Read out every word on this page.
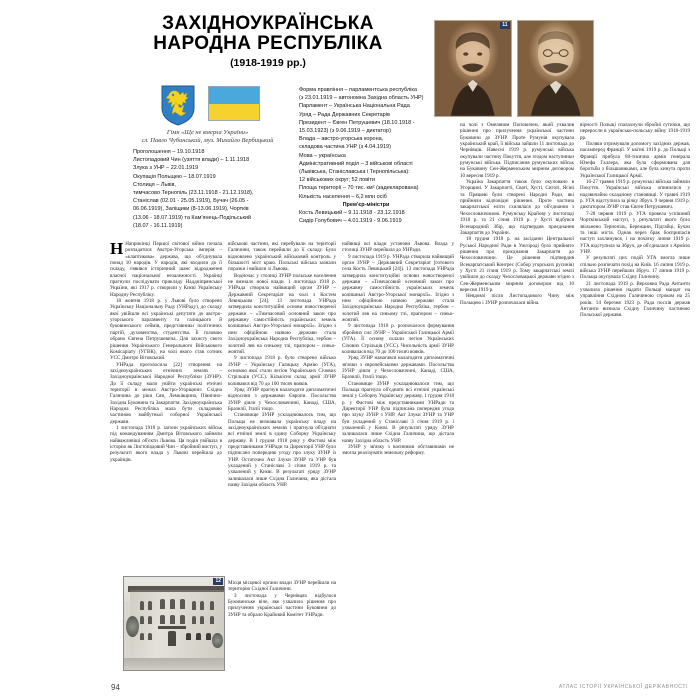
ЗАХІДНОУКРАЇНСЬКА
НАРОДНА РЕСПУБЛІКА
(1918-1919 рр.)
Гімн «Ще не вмерла України»
сл. Павло Чубинський, муз. Михайло Вербицький
Проголошення – 19.10.1918
Листопадовий Чин (узяття влади) – 1.11.1918
Злука з УНР – 22.01.1919
Окупація Польщею – 18.07.1919
Столиця – Львів,
тимчасово Тернопіль (23.11.1918 - 21.12.1918),
Станіслав (02.01 - 25.05.1919), Бучач (26.05 -
06.06.1919), Заліщики (8-13.06.1919), Чортків
(13.06 - 18.07.1919) та Кам'янець-Подільський
(18.07 - 16.11.1919)
Форма правління – парламентська республіка
(з 23.01.1919 – автономна Західна область УНР)
Парламент – Українська Національна Рада
Уряд – Рада Державних Секретарів
Президент – Євген Петрушевич (18.10.1918 -
15.03.1923) (з 9.06.1919 – диктатор)
Влада – австро-угорська корона,
складова частина УНР (з 4.04.1919)
Мова – українська
Адміністративний поділ – 3 військові області
(Львівська, Станіславська і Тернопільська):
12 військових округ; 52 повіти
Площа території – 70 тис. км² (задекларована)
Кількість населення – 6,2 млн осіб
Прем'єр-міністри
Кость Левицький – 9.11.1918 - 23.12.1918
Сидір Голубович – 4.01.1919 - 9.06.1919
11

Н Наприкінці Першої світової війни почала розпадатися Австро-Угорська імперія – «клаптикова» держава, що об'єднувала понад 10 народів. У народів, які входили до її складу, з'явився історичний шанс відродження власної національної незалежності. Українці прагнули послідувати прикладу Наддніпрянської України, які 1917 р. створили у Києві Українську Народну Республіку.

18 жовтня 1918 р. у Львові було створено Українську Національну Раду (УНРаду), до складу якої увійшли всі українські депутати до австро-угорського парламенту та галицького й буковинського сеймів, представники політичних партій, духовенства, студентства. Її головою обрано Євгена Петрушевича. Для захисту свого рішення Українського Генерального Військового Комісаріату (УГВК), на чолі якого став сотник УСС Дмитро Вітовський.

УНРада проголосила [22] створення на західноукраїнських етнічних землях – Західноукраїнської Народної Республіки (ЗУНР). До її складу мали увійти українські етнічні території в межах Австро-Угорщини: Східна Галичина до ріки Сян, Лемківщина, Північно-Західна Буковина та Закарпаття. Західноукраїнська Народна Республіка мала бути складовою частиною майбутньої соборної Української держави.

1 листопада 1918 р. загони українських військ під командуванням Дмитра Вітовського зайняли найважливіші об'єкти Львова. Ця подія увійшла в історію як Листопадовий Чин – збройний виступ, у результаті якого влада у Львові перейшла до українців.

військові частини, які перебували на території Галичини, також перейшли до її складу. Було відновлено український військовий контроль у більшості міст краю. Польські війська зазнали поразки і вийшли зі Львова.

Водночас у столиці ЗУНР польське населення не визнало нової влади. 1 листопада 1918 р. УНРада створила найвищий орган ЗУНР – Державний Секретаріат на чолі з Костем Левицьким [24]. 13 листопада УНРада затвердила конституційні основи новоствореної держави – «Тимчасовий основний закон про державну самостійність українських земель колишньої Австро-Угорської монархії». Згідно з ним офіційною назвою держави стала Західноукраїнська Народна Республіка, гербом – золотий лев на синьому тлі, прапором – синьо-жовтий.

9 листопада 1918 р. було створено військо ЗУНР – Українську Галицьку Армію (УГА), основою якої стали легіон Українських Січових Стрільців (УСС). Кількісно склад армії ЗУНР коливався від 70 до 100 тисяч вояків.

Уряд ЗУНР прагнув налагодити дипломатичні відносини з державами Європи. Посольства ЗУНР діяли у Чехословаччині, Канаді, США, Бразилії, Італії тощо.

Становище ЗУНР ускладнювалось тим, що Польща не визнавала українську владу на західноукраїнських землях і прагнула об'єднати всі етнічні землі в єдину Соборну Українську державу. В І грудня 1918 року у Фастові між представниками УНРади та Директорії УНР було підписано попередню угоду про злуку ЗУНР із УНР. Остаточно Акт Злуки ЗУНР та УНР був укладений у Станіславі 3 січня 1919 р. та ухвалений у Києві. В результаті уряду ЗУНР залишалася лише Східна Галичина, яка дістала назву Західна область УНР.

Місця місцевої органи влади ЗУНР перейшли на територію Східної Галичини.

З листопада у Чернівцях відбулося Буковинське віче, яке ухвалило рішення про прилучення української частини Буковини до ЗУНР та обрало Крайовий Комітет УНРади.

найвищі всі влади установи Львова. Влада у столиці ЗУНР перейшла до УНРади.

9 листопада 1919 р. УНРада створила найвищий орган ЗУНР – Державний Секретаріат [готового села Кость Левицький [24]). 13 листопада УНРада затвердила конституційні основи новоствореної держави – «Тимчасовий основний закон про державну самостійність українських земель колишньої Австро-Угорської монархії». Згідно з ним офіційною назвою держави стала Західноукраїнська Народна Республіка, гербом – золотий лев на синьому тлі, прапором – синьо-жовтий.

9 листопада 1918 р. розпочалося формування збройних сил ЗУНР – Української Галицької Армії (УГА). Її основу склали легіон Українських Січових Стрільців (УСС). Чисельність армії ЗУНР коливалася від 70 до 100 тисяч вояків.

Уряд ЗУНР намагався налагодити дипломатичні зв'язки з європейськими державами. Посольства ЗУНР діяли у Чехословаччині, Канаді, США, Бразилії, Італії тощо.

Становище ЗУНР ускладнювалося тим, що Польща прагнула об'єднати всі етнічні українські землі у Соборну Українську державу. 1 грудня 1918 р. у Фастові між представниками УНРади та Директорії УНР була підписана попередня угода про злуку ЗУНР з УНР. Акт Злуки ЗУНР та УНР був укладений у Станіславі 3 січня 1919 р. і ухвалений у Києві. В результаті уряду ЗУНР залишалася лише Східна Галичина, що дістала назву Західна область УНР.

ЗУНР у зв'язку з воєнними обставинами не змогла реалізувати земельну реформу.

на чолі з Омеляном Поповичем, який ухвалив рішення про прилучення української частини Буковини до ЗУНР. Проте Румунія окупувала український край, її війська зайшли 11 листопада до Чернівців. Навесні 1919 р. румунські війська окупували частину Покуття, але згодом наступники румунські війська. Підписання румунських військ на Буковину Сен-Жерменським мирним договором 10 вересня 1919 р.

Україна Закарпаття також було окуповано в Угорщині. У Закарпатті, Сваті, Хусті, Сиготі, Ясіні та Пряшеві були створені Народні Ради, які прийняли відповідні рішення. Проте частина закарпатської еліти схилялася до об'єднання з Чехословаччиною. Румунську Крайову у листопаді 1918 р. та 21 січня 1919 р. у Хусті відбувся Всенародний Збір, що підтвердив приєднання Закарпаття до України.

18 грудня 1918 р. на засіданні Центральної Руської Народної Ради в Ужгороді було прийнято рішення про приєднання Закарпаття до Чехословаччини. Це рішення підтвердив Всекарпатський Конгрес (Собор угорських русинів) у Хусті 21 січня 1919 р. Тому закарпатські землі увійшли до складу Чехословацької держави згідно з Сен-Жерменським мирним договором від 10 вересня 1919 р.

Невдовзі після Листопадового Чину між Польщею і ЗУНР розпочалася війна.

вірності Польщі спалахнули збройні сутички, що переросли в українсько-польську війну 1918-1919 рр.

Поляки отримували допомогу західних держав, насамперед Франції. У квітні 1919 р. до Польщі з Франції прибула 80-тисячна армія генерала Юзефа Галлера, яка була сформована для боротьби з більшовиками, але була кинута проти Української Галицької Армії.

16-27 травня 1919 р. румунські війська зайняли Покуття. Українські війська опинилися у надзвичайно складному становищі. У травні 1919 р. УГА відступила за річку Збруч. 9 червня 1919 р. диктатором ЗУНР став Євген Петрушевич.

7-28 червня 1919 р. УГА провела успішний Чортківський наступ, у результаті якого було звільнено Тернопіль, Бережани, Підгайці, Бучач та інші міста. Однак через брак боєприпасів наступ захлинувся, і на початку липня 1919 р. УГА відступила за Збруч, де об'єдналася з Армією УНР.

У результаті цих подій УГА змогла лише спільно розпочати похід на Київ. 16 липня 1919 р. війська ЗУНР перейшли Збруч. 17 липня 1919 р. Польща окупувала Східну Галичину.

21 листопада 1919 р. Верховна Рада Антанти ухвалила рішення надати Польщі мандат на управління Східною Галичиною строком на 25 років. 14 березня 1923 р. Рада послів держав Антанти визнала Східну Галичину частиною Польської держави.

12
94	АТЛАС ІСТОРІЇ УКРАЇНСЬКОЇ ДЕРЖАВНОСТІ
